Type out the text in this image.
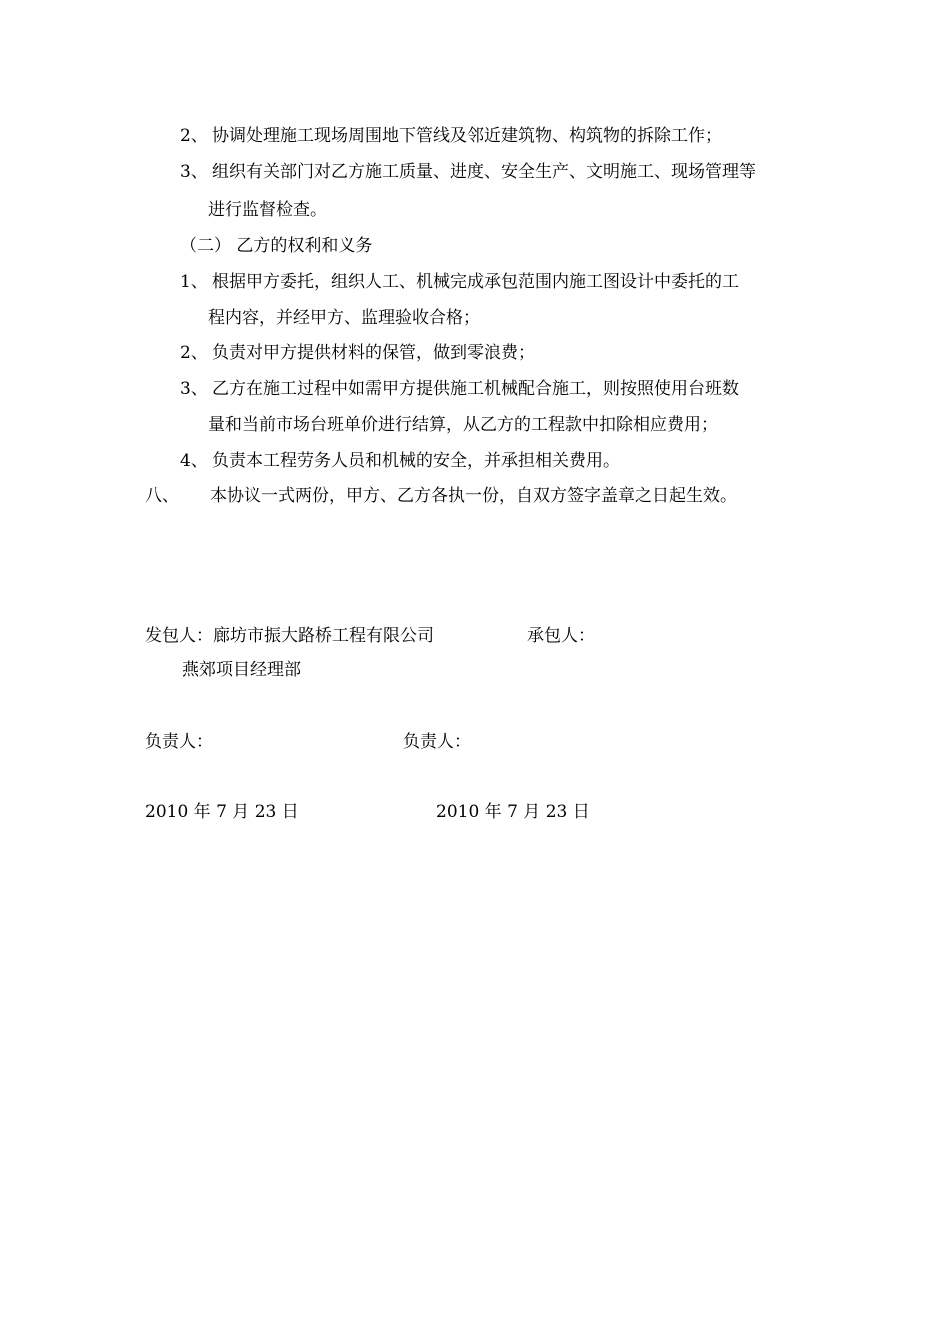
2、 协调处理施工现场周围地下管线及邻近建筑物、构筑物的拆除工作；
3、 组织有关部门对乙方施工质量、进度、安全生产、文明施工、现场管理等
进行监督检查。
（二） 乙方的权利和义务
1、 根据甲方委托，组织人工、机械完成承包范围内施工图设计中委托的工
程内容，并经甲方、监理验收合格；
2、 负责对甲方提供材料的保管，做到零浪费；
3、 乙方在施工过程中如需甲方提供施工机械配合施工，则按照使用台班数
量和当前市场台班单价进行结算，从乙方的工程款中扣除相应费用；
4、 负责本工程劳务人员和机械的安全，并承担相关费用。
八、 本协议一式两份，甲方、乙方各执一份，自双方签字盖章之日起生效。
发包人：廊坊市振大路桥工程有限公司	承包人：
燕郊项目经理部
负责人：	负责人：
2010 年 7 月 23 日	2010 年 7 月 23 日
